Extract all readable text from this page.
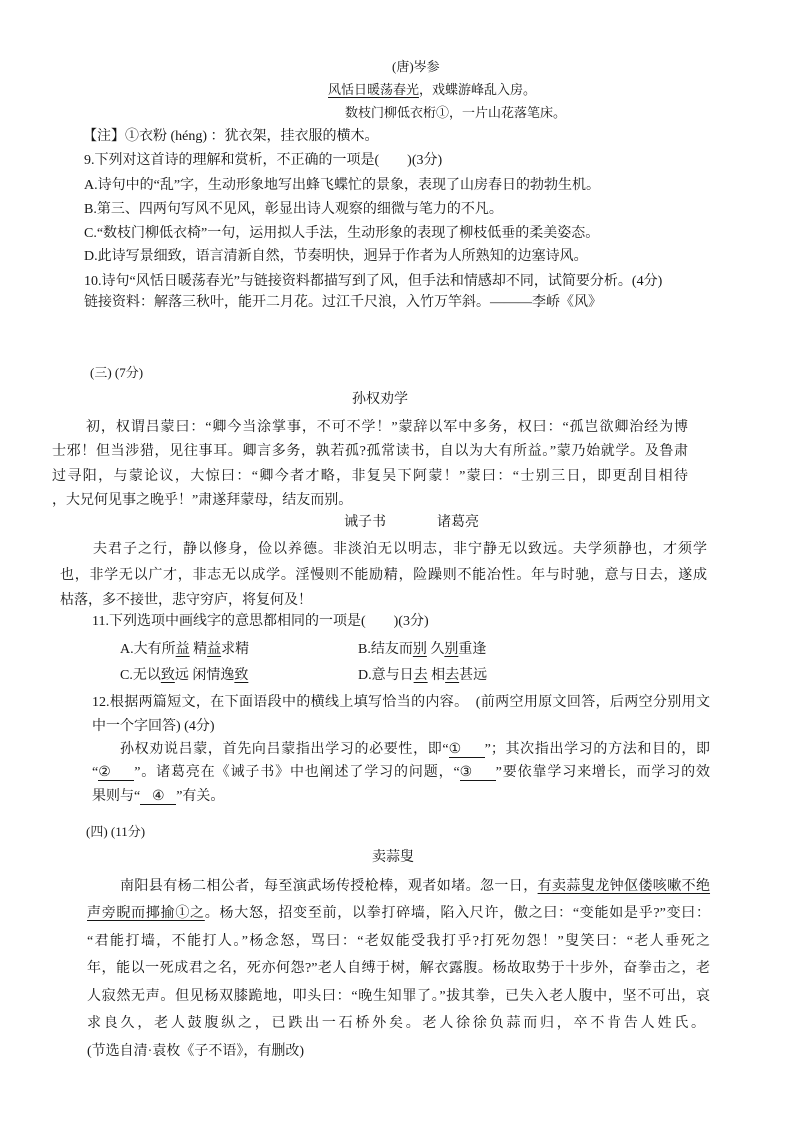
(唐)岑参
风恬日暖荡春光，戏蝶游峰乱入房。
数枝门柳低衣桁①，一片山花落笔床。
【注】①衣粉 (héng) ：犹衣架，挂衣服的横木。
9.下列对这首诗的理解和赏析，不正确的一项是(　　)(3分)
A.诗句中的“乱”字，生动形象地写出蜂飞蝶忙的景象，表现了山房春日的勃勃生机。
B.第三、四两句写风不见风，彰显出诗人观察的细微与笔力的不凡。
C.“数枝门柳低衣椅”一句，运用拟人手法，生动形象的表现了柳枝低垂的柔美姿态。
D.此诗写景细致，语言清新自然，节奏明快，迥异于作者为人所熟知的边塞诗风。
10.诗句“风恬日暖荡春光”与链接资料都描写到了风，但手法和情感却不同，试简要分析。(4分)
链接资料：解落三秋叶，能开二月花。过江千尺浪，入竹万竿斜。———李峤《风》
(三) (7分)
孙权劝学
初，权谓吕蒙曰：“卿今当涂掌事，不可不学！”蒙辞以军中多务，权曰：“孤岂欲卿治经为博
士邪！但当涉猎，见往事耳。卿言多务，孰若孤?孤常读书，自以为大有所益。”蒙乃始就学。及鲁肃
过寻阳，与蒙论议，大惊曰：“卿今者才略，非复吴下阿蒙！”蒙曰：“士别三日，即更刮目相待
，大兄何见事之晚乎！”肃遂拜蒙母，结友而别。
诫子书	诸葛亮
夫君子之行，静以修身，俭以养德。非淡泊无以明志，非宁静无以致远。夫学须静也，才须学
也，非学无以广才，非志无以成学。淫慢则不能励精，险躁则不能冶性。年与时驰，意与日去，遂成
枯落，多不接世，悲守穷庐，将复何及！
11.下列选项中画线字的意思都相同的一项是(　　)(3分)
A.大有所益 精益求精	B.结友而别 久别重逢
C.无以致远 闲情逸致	D.意与日去 相去甚远
12.根据两篇短文，在下面语段中的横线上填写恰当的内容。　(前两空用原文回答，后两空分别用文
中一个字回答) (4分)
孙权劝说吕蒙，首先向吕蒙指出学习的必要性，即“① ”；其次指出学习的方法和目的，即
“② ”。诸葛亮在《诫子书》中也阐述了学习的问题，“③ ”要依靠学习来增长，而学习的效
果则与“ ④ ”有关。
(四) (11分)
卖蒜叟
南阳县有杨二相公者，每至演武场传授枪棒，观者如堵。忽一日，有卖蒜叟龙钟伛偻咳嗽不绝
声旁睨而揶揄①之。杨大怒，招变至前，以拳打碎墙，陷入尺许，傲之曰：“变能如是乎?”变曰：
“君能打墙，不能打人。”杨念怒，骂曰：“老奴能受我打乎?打死勿怨！”叟笑曰：“老人垂死之
年，能以一死成君之名，死亦何怨?”老人自缚于树，解衣露腹。杨故取势于十步外，奋拳击之，老
人寂然无声。但见杨双膝跪地，叩头曰：“晚生知罪了。”拔其拳，已失入老人腹中，坚不可出，哀
求良久，老人鼓腹纵之，已跌出一石桥外矣。老人徐徐负蒜而归，卒不肯告人姓氏。
(节选自清·袁枚《子不语》，有删改)
